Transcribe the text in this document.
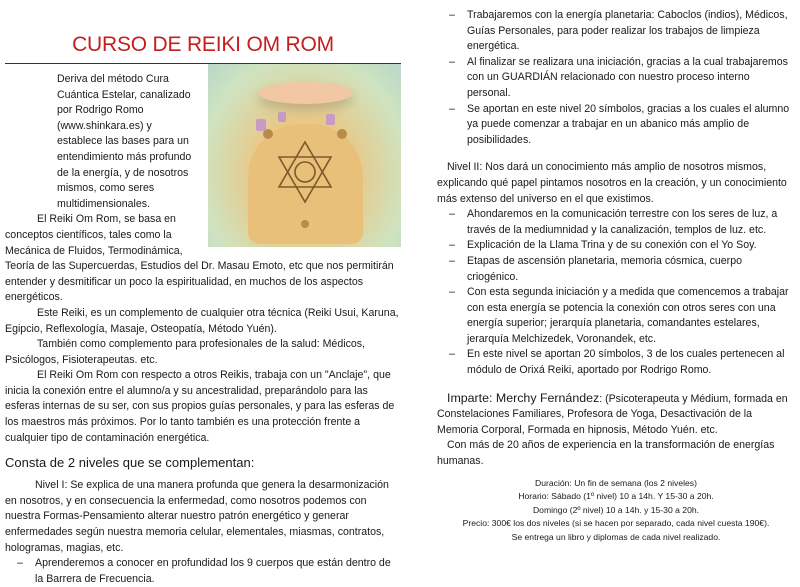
CURSO DE REIKI OM ROM

Deriva del método Cura Cuántica Estelar, canalizado por Rodrigo Romo (www.shinkara.es) y establece las bases para un entendimiento más profundo de la energía, y de nosotros mismos, como seres multidimensionales.

El Reiki Om Rom, se basa en conceptos científicos, tales como la Mecánica de Fluidos, Termodinámica, Teoría de las Supercuerdas, Estudios del Dr. Masau Emoto, etc que nos permitirán entender y desmitificar un poco la espiritualidad, en muchos de los aspectos energéticos.

Este Reiki, es un complemento de cualquier otra técnica (Reiki Usui, Karuna, Egipcio, Reflexología, Masaje, Osteopatía, Método Yuén).

También como complemento para profesionales de la salud: Médicos, Psicólogos, Fisioterapeutas. etc.

El Reiki Om Rom con respecto a otros Reikis, trabaja con un "Anclaje", que inicia la conexión entre el alumno/a y su ancestralidad, preparándolo para las esferas internas de su ser, con sus propios guías personales, y para las esferas de los maestros más próximos. Por lo tanto también es una protección frente a cualquier tipo de contaminación energética.

Consta de 2 niveles que se complementan:

Nivel I: Se explica de una manera profunda que genera la desarmonización en nosotros, y en consecuencia la enfermedad, como nosotros podemos con nuestra Formas-Pensamiento alterar nuestro patrón energético y generar enfermedades según nuestra memoria celular, elementales, miasmas, contratos, hologramas, magias, etc.

– Aprenderemos a conocer en profundidad los 9 cuerpos que están dentro de la Barrera de Frecuencia.

– Trabajaremos con la energía planetaria: Caboclos (indios), Médicos, Guías Personales, para poder realizar los trabajos de limpieza energética.

– Al finalizar se realizara una iniciación, gracias a la cual trabajaremos con un GUARDIÁN relacionado con nuestro proceso interno personal.

– Se aportan en este nivel 20 símbolos, gracias a los cuales el alumno ya puede comenzar a trabajar en un abanico más amplio de posibilidades.

Nivel II: Nos dará un conocimiento más amplio de nosotros mismos, explicando qué papel pintamos nosotros en la creación, y un conocimiento más extenso del universo en el que existimos.

– Ahondaremos en la comunicación terrestre con los seres de luz, a través de la mediumnidad y la canalización, templos de luz. etc.

– Explicación de la Llama Trina y de su conexión con el Yo Soy.

– Etapas de ascensión planetaria, memoria cósmica, cuerpo criogénico.

– Con esta segunda iniciación y a medida que comencemos a trabajar con esta energía se potencia la conexión con otros seres con una energía superior; jerarquía planetaria, comandantes estelares, jerarquía Melchizedek, Voronandek, etc.

– En este nivel se aportan 20 símbolos, 3 de los cuales pertenecen al módulo de Orixá Reiki, aportado por Rodrigo Romo.

Imparte: Merchy Fernández: (Psicoterapeuta y Médium, formada en Constelaciones Familiares, Profesora de Yoga, Desactivación de la Memoria Corporal, Formada en hipnosis, Método Yuén. etc.

Con más de 20 años de experiencia en la transformación de energías humanas.

Duración: Un fin de semana (los 2 niveles)

Horario: Sábado (1º nivel) 10 a 14h. Y 15-30 a 20h.

Domingo (2º nivel) 10 a 14h. y 15-30 a 20h.

Precio: 300€ los dos niveles (si se hacen por separado, cada nivel cuesta 190€).

Se entrega un libro y diplomas de cada nivel realizado.
